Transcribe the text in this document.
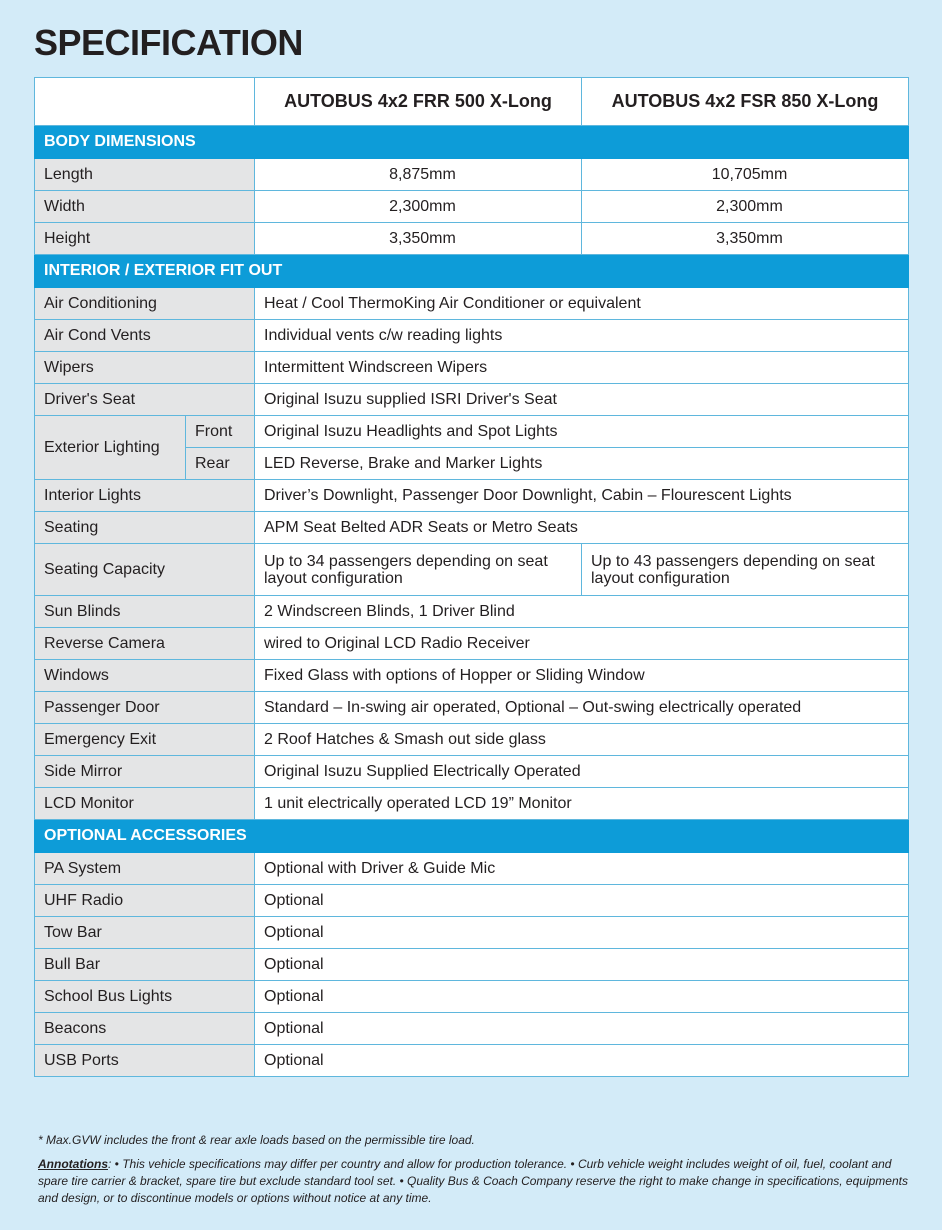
SPECIFICATION
		AUTOBUS 4x2 FRR 500 X-Long	AUTOBUS 4x2 FSR 850 X-Long
BODY DIMENSIONS			
Length		8,875mm	10,705mm
Width		2,300mm	2,300mm
Height		3,350mm	3,350mm
INTERIOR / EXTERIOR FIT OUT			
Air Conditioning		Heat / Cool ThermoKing Air Conditioner or equivalent	
Air Cond Vents		Individual vents c/w reading lights	
Wipers		Intermittent Windscreen Wipers	
Driver's Seat		Original Isuzu supplied ISRI Driver's Seat	
Exterior Lighting	Front	Original Isuzu Headlights and Spot Lights	
	Rear	LED Reverse, Brake and Marker Lights	
Interior Lights		Driver’s Downlight, Passenger Door Downlight, Cabin – Flourescent Lights	
Seating		APM Seat Belted ADR Seats or Metro Seats	
Seating Capacity		Up to 34 passengers depending on seat layout configuration	Up to 43 passengers depending on seat layout configuration
Sun Blinds		2 Windscreen Blinds, 1 Driver Blind	
Reverse Camera		wired to Original LCD Radio Receiver	
Windows		Fixed Glass with options of Hopper or Sliding Window	
Passenger Door		Standard – In-swing air operated, Optional – Out-swing electrically operated	
Emergency Exit		2 Roof Hatches & Smash out side glass	
Side Mirror		Original Isuzu Supplied Electrically Operated	
LCD Monitor		1 unit electrically operated LCD 19” Monitor	
OPTIONAL ACCESSORIES			
PA System		Optional with Driver & Guide Mic	
UHF Radio		Optional	
Tow Bar		Optional	
Bull Bar		Optional	
School Bus Lights		Optional	
Beacons		Optional	
USB Ports		Optional	

* Max.GVW includes the front & rear axle loads based on the permissible tire load.

Annotations: • This vehicle specifications may differ per country and allow for production tolerance. • Curb vehicle weight includes weight of oil, fuel, coolant and spare tire carrier & bracket, spare tire but exclude standard tool set. • Quality Bus & Coach Company reserve the right to make change in specifications, equipments and design, or to discontinue models or options without notice at any time.
